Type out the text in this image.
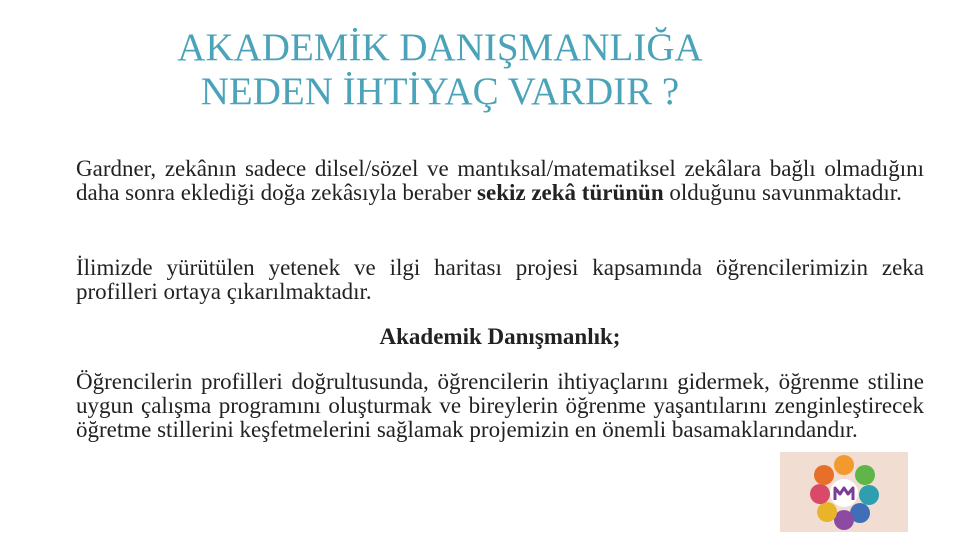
AKADEMİK DANIŞMANLIĞA
NEDEN İHTİYAÇ VARDIR ?
Gardner, zekânın sadece dilsel/sözel ve mantıksal/matematiksel zekâlara bağlı olmadığını daha sonra eklediği doğa zekâsıyla beraber sekiz zekâ türünün olduğunu savunmaktadır.
İlimizde yürütülen yetenek ve ilgi haritası projesi kapsamında öğrencilerimizin zeka profilleri ortaya çıkarılmaktadır.
Akademik Danışmanlık;
Öğrencilerin profilleri doğrultusunda, öğrencilerin ihtiyaçlarını gidermek, öğrenme stiline uygun çalışma programını oluşturmak ve bireylerin öğrenme yaşantılarını zenginleştirecek öğretme stillerini keşfetmelerini sağlamak projemizin en önemli basamaklarındandır.
